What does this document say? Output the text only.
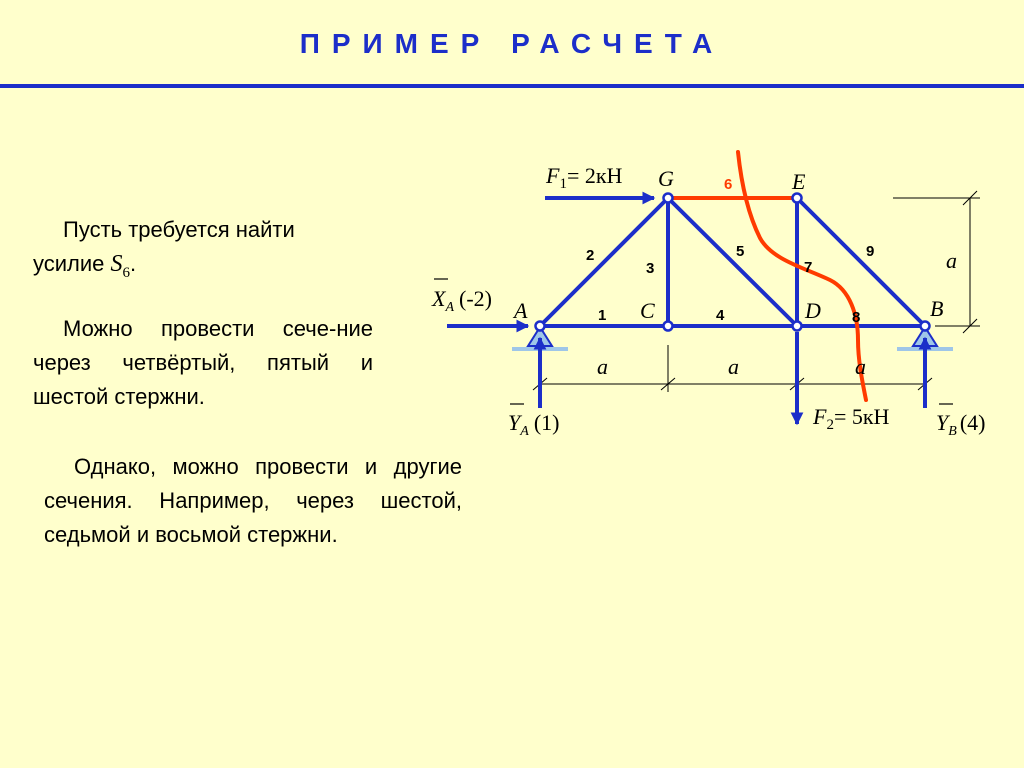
ПРИМЕР РАСЧЕТА

Пусть требуется найти
усилие $S_6$.

Можно провести сече-ние через четвёртый, пятый и шестой стержни.

Однако, можно провести и другие сечения. Например, через шестой, седьмой и восьмой стержни.

A	C	D	B
G	E
1
2
3
4
5
6
7
8
9
a	a	a
a
$F_1= 2кН$
$F_2= 5кН$
$X_A$ (-2)
$Y_A$ (1)	$Y_B$ (4)
